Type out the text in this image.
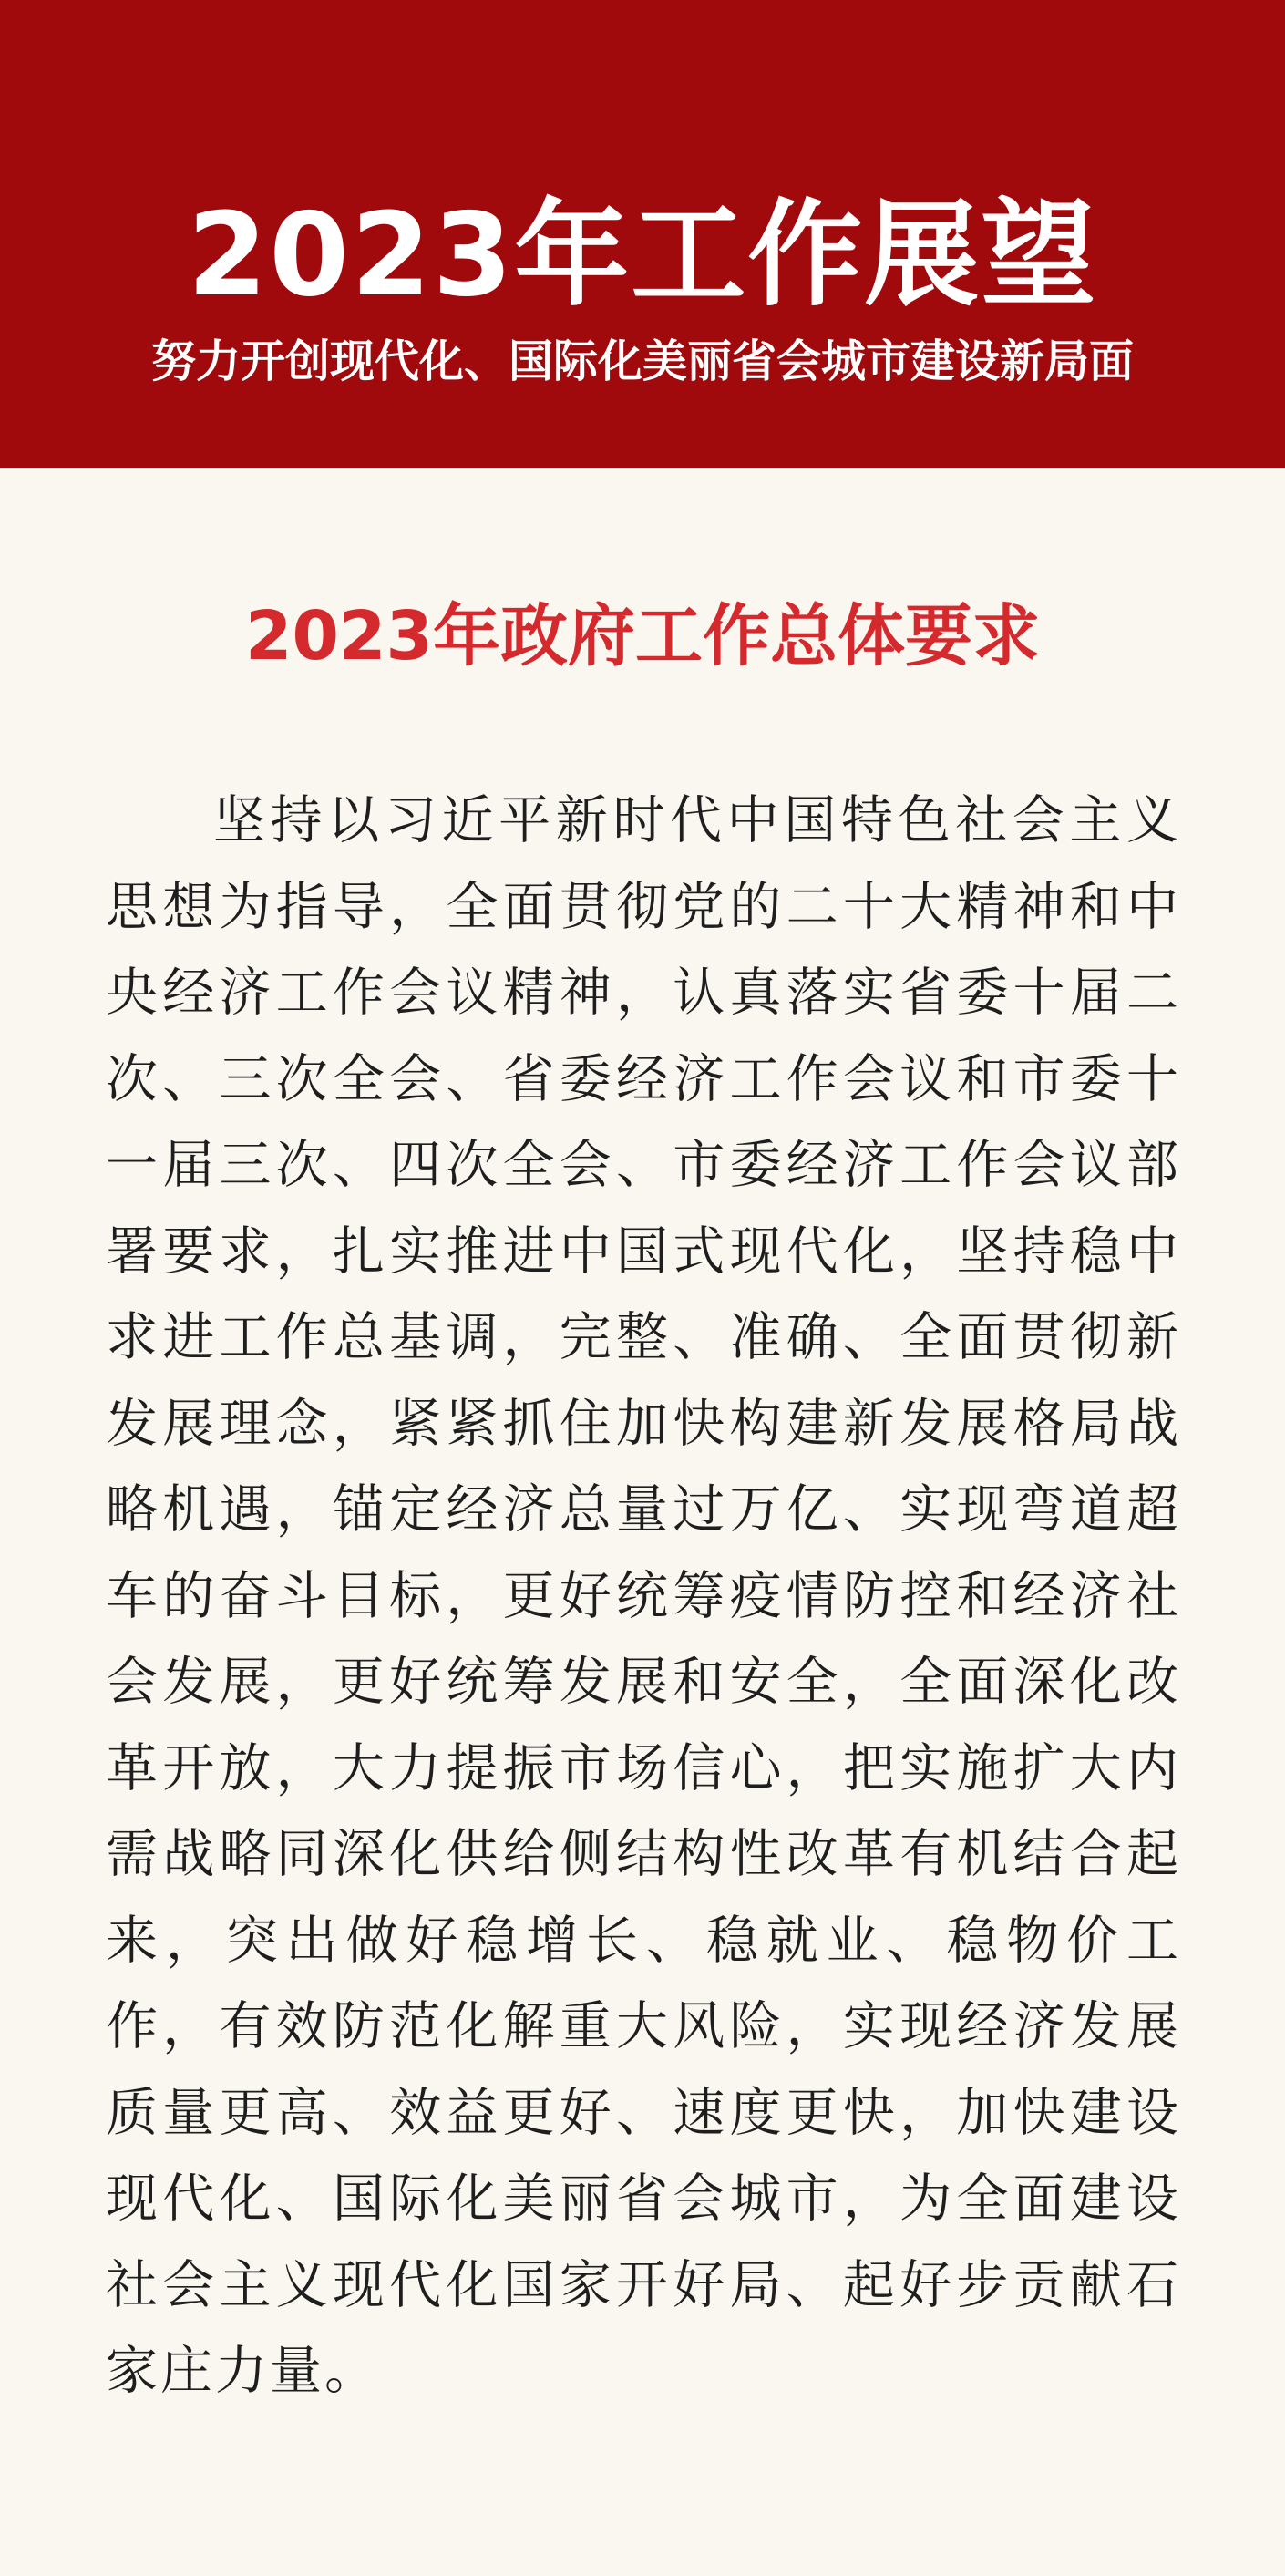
2023年工作展望
努力开创现代化、国际化美丽省会城市建设新局面
2023年政府工作总体要求

坚持以习近平新时代中国特色社会主义思想为指导，全面贯彻党的二十大精神和中央经济工作会议精神，认真落实省委十届二次、三次全会、省委经济工作会议和市委十一届三次、四次全会、市委经济工作会议部署要求，扎实推进中国式现代化，坚持稳中求进工作总基调，完整、准确、全面贯彻新发展理念，紧紧抓住加快构建新发展格局战略机遇，锚定经济总量过万亿、实现弯道超车的奋斗目标，更好统筹疫情防控和经济社会发展，更好统筹发展和安全，全面深化改革开放，大力提振市场信心，把实施扩大内需战略同深化供给侧结构性改革有机结合起来，突出做好稳增长、稳就业、稳物价工作，有效防范化解重大风险，实现经济发展质量更高、效益更好、速度更快，加快建设现代化、国际化美丽省会城市，为全面建设社会主义现代化国家开好局、起好步贡献石家庄力量。
